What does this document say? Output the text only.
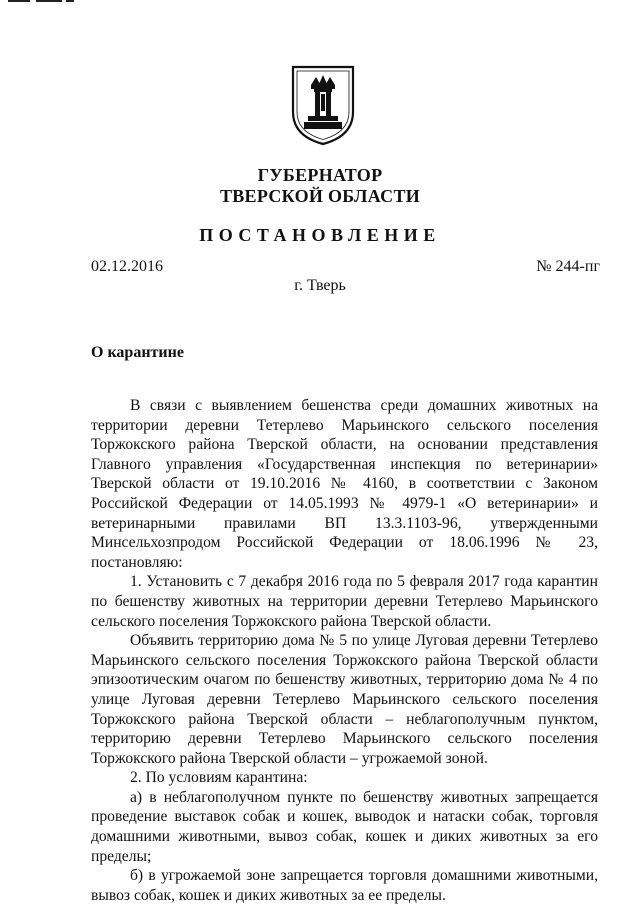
ГУБЕРНАТОР
ТВЕРСКОЙ ОБЛАСТИ
ПОСТАНОВЛЕНИЕ
02.12.2016	№ 244-пг
г. Тверь
О карантине

В связи с выявлением бешенства среди домашних животных на территории деревни Тетерлево Марьинского сельского поселения Торжокского района Тверской области, на основании представления Главного управления «Государственная инспекция по ветеринарии» Тверской области от 19.10.2016 № 4160, в соответствии с Законом Российской Федерации от 14.05.1993 № 4979-1 «О ветеринарии» и ветеринарными правилами ВП 13.3.1103-96, утвержденными Минсельхозпродом Российской Федерации от 18.06.1996 № 23, постановляю:

1. Установить с 7 декабря 2016 года по 5 февраля 2017 года карантин по бешенству животных на территории деревни Тетерлево Марьинского сельского поселения Торжокского района Тверской области.

Объявить территорию дома № 5 по улице Луговая деревни Тетерлево Марьинского сельского поселения Торжокского района Тверской области эпизоотическим очагом по бешенству животных, территорию дома № 4 по улице Луговая деревни Тетерлево Марьинского сельского поселения Торжокского района Тверской области – неблагополучным пунктом, территорию деревни Тетерлево Марьинского сельского поселения Торжокского района Тверской области – угрожаемой зоной.

2. По условиям карантина:

а) в неблагополучном пункте по бешенству животных запрещается проведение выставок собак и кошек, выводок и натаски собак, торговля домашними животными, вывоз собак, кошек и диких животных за его пределы;

б) в угрожаемой зоне запрещается торговля домашними животными, вывоз собак, кошек и диких животных за ее пределы.
